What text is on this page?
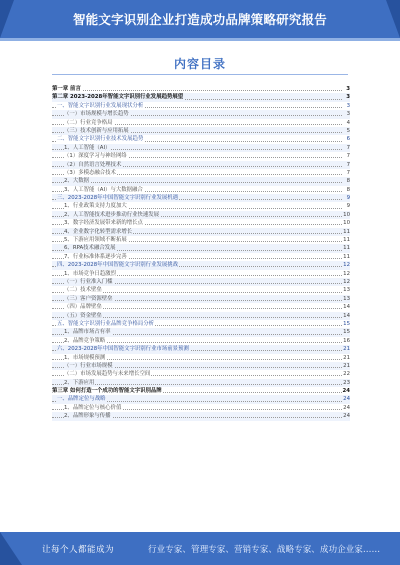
智能文字识别企业打造成功品牌策略研究报告
内容目录
第一章 前言	3
第二章 2023-2028年智能文字识别行业发展趋势展望	3
一、智能文字识别行业发展现状分析	3
（一）市场规模与增长趋势	3
（二）行业竞争格局	4
（三）技术创新与应用拓展	5
二、智能文字识别行业技术发展趋势	6
1、人工智能（AI）	7
（1）深度学习与神经网络	7
（2）自然语言处理技术	7
（3）多模态融合技术	7
2、大数据	8
3、人工智能（AI）与大数据融合	8
三、2023-2028年中国智能文字识别行业发展机遇	9
1、行业政策支持力度加大	9
2、人工智能技术进步推动行业快速发展	10
3、数字经济发展带来新的增长点	10
4、企业数字化转型需求增长	11
5、下游应用领域不断拓展	11
6、RPA技术融合发展	11
7、行业标准体系逐步完善	11
四、2023-2028年中国智能文字识别行业发展挑战	12
1、市场竞争日趋激烈	12
（一）行业准入门槛	12
（二）技术壁垒	13
（三）客户资源壁垒	13
（四）品牌壁垒	14
（五）资金壁垒	14
五、智能文字识别行业品牌竞争格局分析	15
1、品牌市场占有率	15
2、品牌竞争策略	16
六、2023-2028年中国智能文字识别行业市场前景预测	21
1、市场规模预测	21
（一）行业市场规模	21
（二）市场发展趋势与未来增长空间	22
2、下游应用	23
第三章 如何打造一个成功的智能文字识别品牌	24
一、品牌定位与战略	24
1、品牌定位与核心价值	24
2、品牌形象与传播	24
让每个人都能成为	行业专家、管理专家、营销专家、战略专家、成功企业家……
